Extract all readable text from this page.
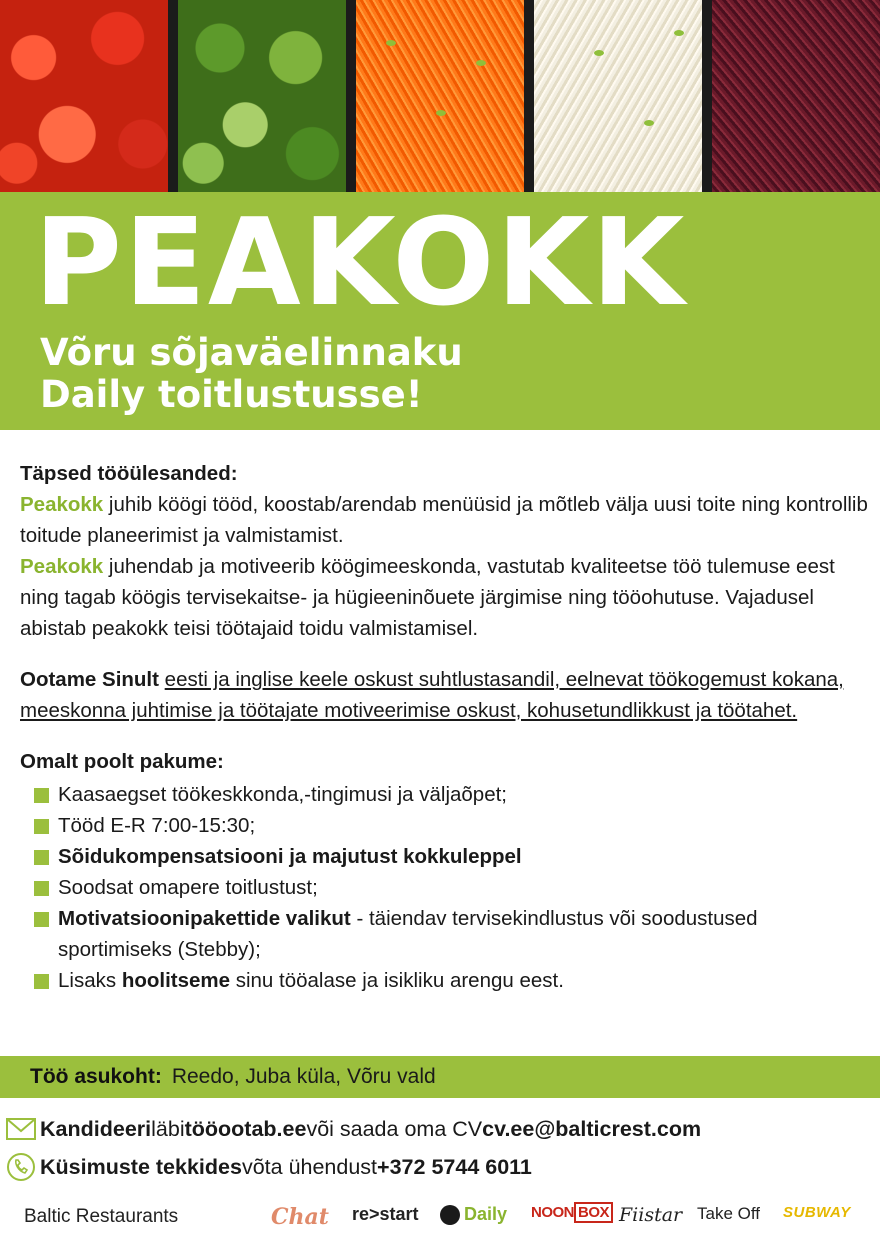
PEAKOKK
Võru sõjaväelinnaku
Daily toitlustusse!

Täpsed tööülesanded:

Peakokk juhib köögi tööd, koostab/arendab menüüsid ja mõtleb välja uusi toite ning kontrollib toitude planeerimist ja valmistamist.

Peakokk juhendab ja motiveerib köögimeeskonda, vastutab kvaliteetse töö tulemuse eest ning tagab köögis tervisekaitse- ja hügieeninõuete järgimise ning tööohutuse. Vajadusel abistab peakokk teisi töötajaid toidu valmistamisel.

Ootame Sinult eesti ja inglise keele oskust suhtlustasandil, eelnevat töökogemust kokana, meeskonna juhtimise ja töötajate motiveerimise oskust, kohusetundlikkust ja töötahet.

Omalt poolt pakume:

Kaasaegset töökeskkonda,-tingimusi ja väljaõpet;
Tööd E-R 7:00-15:30;
Sõidukompensatsiooni ja majutust kokkuleppel
Soodsat omapere toitlustust;
Motivatsioonipakettide valikut - täiendav tervisekindlustus või soodustused sportimiseks (Stebby);
Lisaks hoolitseme sinu tööalase ja isikliku arengu eest.
Töö asukoht: Reedo, Juba küla, Võru vald
Kandideeri läbi tööootab.ee või saada oma CV cv.ee@balticrest.com
Küsimuste tekkides võta ühendust +372 5744 6011
Baltic Restaurants	Chat re>start	Daily NOON BOX Fiistar Take Off SUBWAY
